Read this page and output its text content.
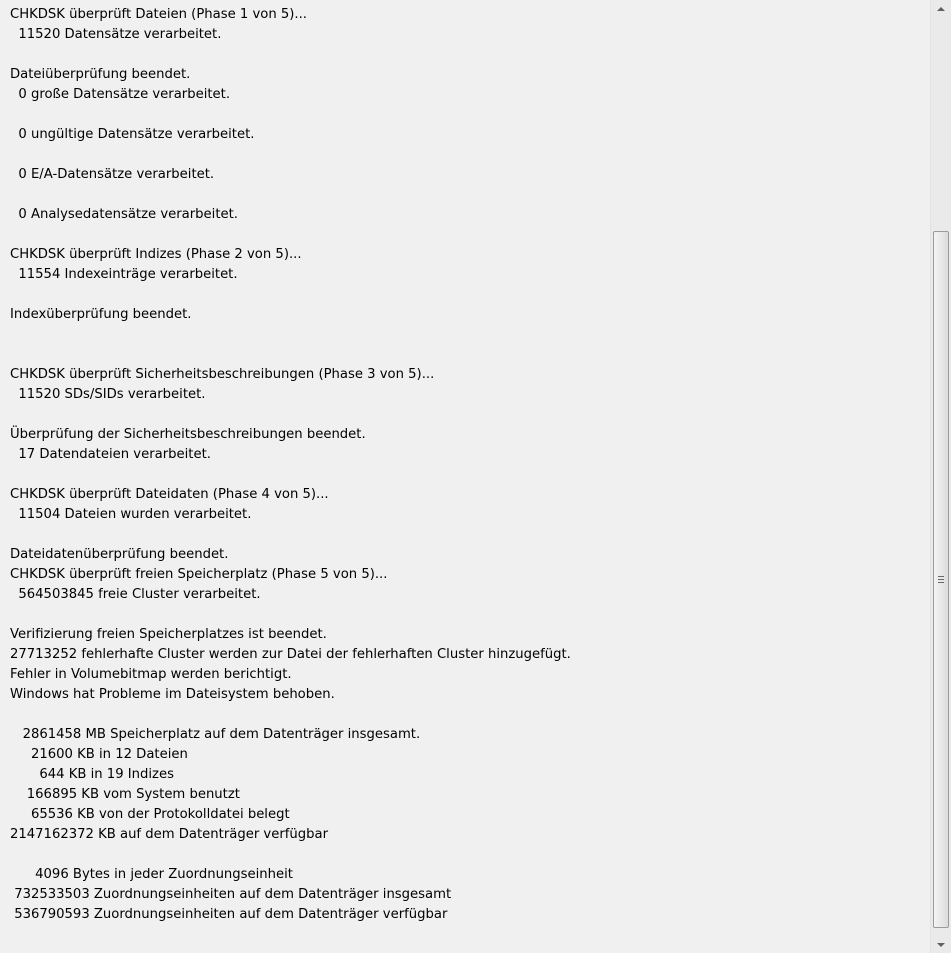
CHKDSK überprüft Dateien (Phase 1 von 5)...
11520 Datensätze verarbeitet.
Dateiüberprüfung beendet.
0 große Datensätze verarbeitet.
0 ungültige Datensätze verarbeitet.
0 E/A-Datensätze verarbeitet.
0 Analysedatensätze verarbeitet.
CHKDSK überprüft Indizes (Phase 2 von 5)...
11554 Indexeinträge verarbeitet.
Indexüberprüfung beendet.
CHKDSK überprüft Sicherheitsbeschreibungen (Phase 3 von 5)...
11520 SDs/SIDs verarbeitet.
Überprüfung der Sicherheitsbeschreibungen beendet.
17 Datendateien verarbeitet.
CHKDSK überprüft Dateidaten (Phase 4 von 5)...
11504 Dateien wurden verarbeitet.
Dateidatenüberprüfung beendet.
CHKDSK überprüft freien Speicherplatz (Phase 5 von 5)...
564503845 freie Cluster verarbeitet.
Verifizierung freien Speicherplatzes ist beendet.
27713252 fehlerhafte Cluster werden zur Datei der fehlerhaften Cluster hinzugefügt.
Fehler in Volumebitmap werden berichtigt.
Windows hat Probleme im Dateisystem behoben.
2861458 MB Speicherplatz auf dem Datenträger insgesamt.
21600 KB in 12 Dateien
644 KB in 19 Indizes
166895 KB vom System benutzt
65536 KB von der Protokolldatei belegt
2147162372 KB auf dem Datenträger verfügbar
4096 Bytes in jeder Zuordnungseinheit
732533503 Zuordnungseinheiten auf dem Datenträger insgesamt
536790593 Zuordnungseinheiten auf dem Datenträger verfügbar
